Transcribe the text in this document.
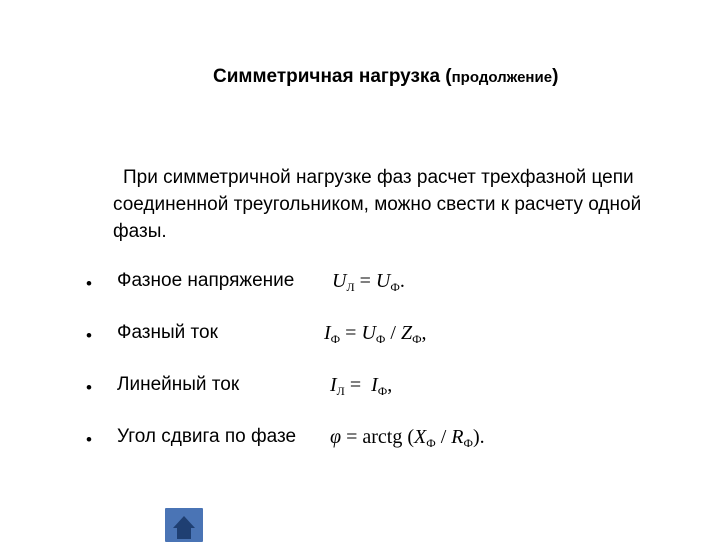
Симметричная нагрузка (продолжение)
При симметричной нагрузке фаз расчет трехфазной цепи
соединенной треугольником, можно свести к расчету одной
фазы.
• Фазное напряжение $U_Л = U_Ф$.
• Фазный ток	$I_Ф = U_Ф / Z_Ф$,
• Линейный ток	$I_Л = I_Ф$,
• Угол сдвига по фазе φ = arctg $(X_Ф / R_Ф)$.
